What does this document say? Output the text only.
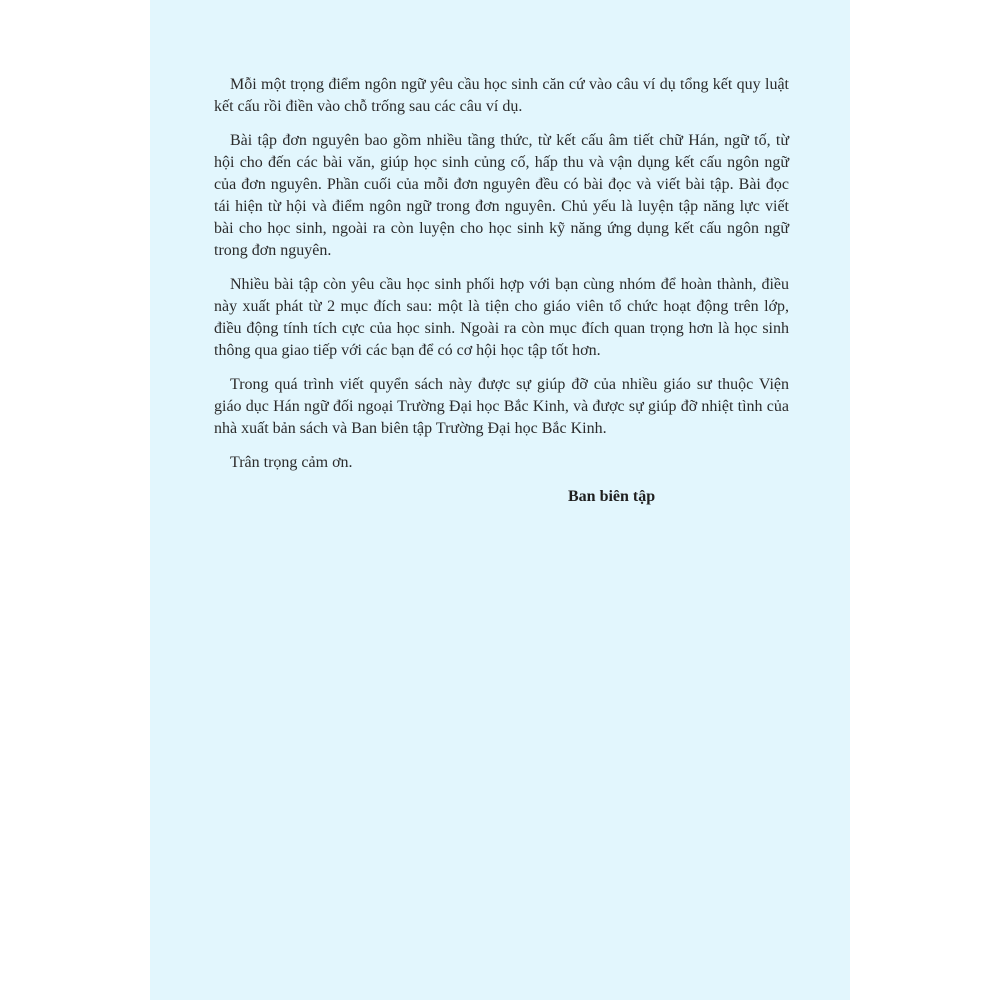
Mỗi một trọng điểm ngôn ngữ yêu cầu học sinh căn cứ vào câu ví dụ tổng kết quy luật kết cấu rồi điền vào chỗ trống sau các câu ví dụ.

Bài tập đơn nguyên bao gồm nhiều tầng thức, từ kết cấu âm tiết chữ Hán, ngữ tố, từ hội cho đến các bài văn, giúp học sinh củng cố, hấp thu và vận dụng kết cấu ngôn ngữ của đơn nguyên. Phần cuối của mỗi đơn nguyên đều có bài đọc và viết bài tập. Bài đọc tái hiện từ hội và điểm ngôn ngữ trong đơn nguyên. Chủ yếu là luyện tập năng lực viết bài cho học sinh, ngoài ra còn luyện cho học sinh kỹ năng ứng dụng kết cấu ngôn ngữ trong đơn nguyên.

Nhiều bài tập còn yêu cầu học sinh phối hợp với bạn cùng nhóm để hoàn thành, điều này xuất phát từ 2 mục đích sau: một là tiện cho giáo viên tổ chức hoạt động trên lớp, điều động tính tích cực của học sinh. Ngoài ra còn mục đích quan trọng hơn là học sinh thông qua giao tiếp với các bạn để có cơ hội học tập tốt hơn.

Trong quá trình viết quyển sách này được sự giúp đỡ của nhiều giáo sư thuộc Viện giáo dục Hán ngữ đối ngoại Trường Đại học Bắc Kinh, và được sự giúp đỡ nhiệt tình của nhà xuất bản sách và Ban biên tập Trường Đại học Bắc Kinh.

Trân trọng cảm ơn.

Ban biên tập
